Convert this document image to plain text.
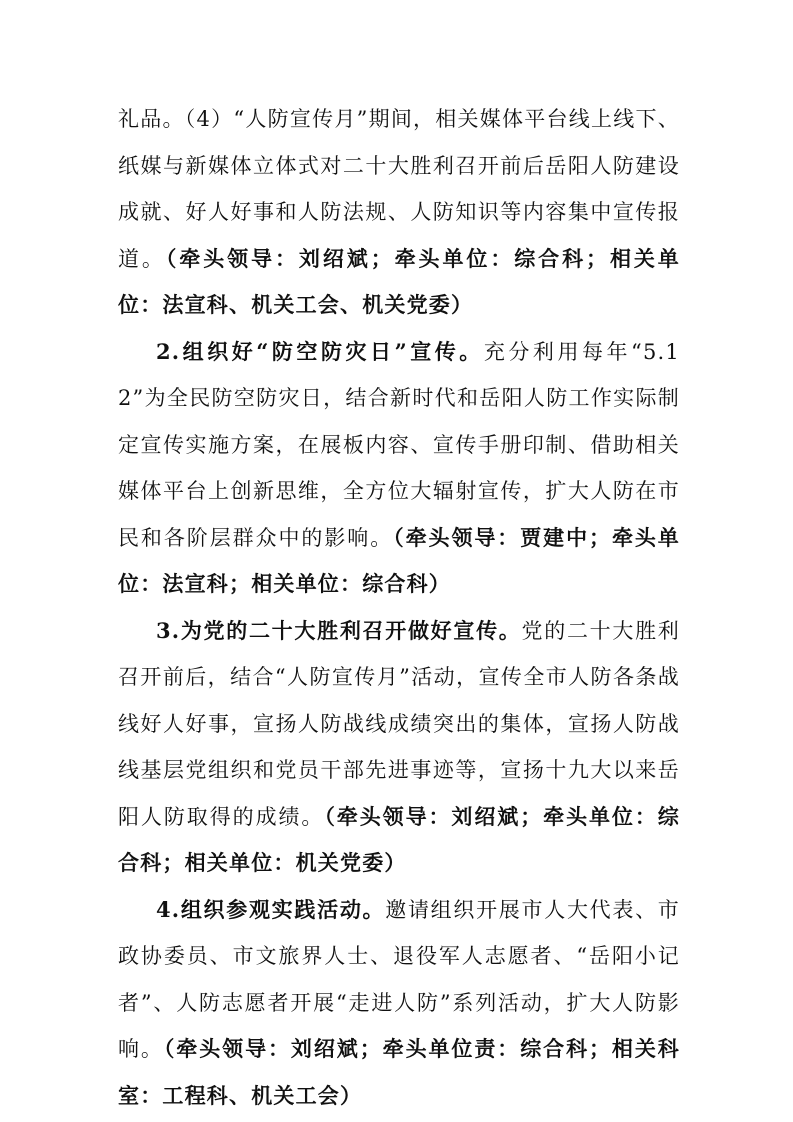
礼品。（4）“人防宣传月”期间，相关媒体平台线上线下、纸媒与新媒体立体式对二十大胜利召开前后岳阳人防建设成就、好人好事和人防法规、人防知识等内容集中宣传报道。（牵头领导：刘绍斌；牵头单位：综合科；相关单位：法宣科、机关工会、机关党委）

2.组织好“防空防灾日”宣传。充分利用每年“5.12”为全民防空防灾日，结合新时代和岳阳人防工作实际制定宣传实施方案，在展板内容、宣传手册印制、借助相关媒体平台上创新思维，全方位大辐射宣传，扩大人防在市民和各阶层群众中的影响。（牵头领导：贾建中；牵头单位：法宣科；相关单位：综合科）

3.为党的二十大胜利召开做好宣传。党的二十大胜利召开前后，结合“人防宣传月”活动，宣传全市人防各条战线好人好事，宣扬人防战线成绩突出的集体，宣扬人防战线基层党组织和党员干部先进事迹等，宣扬十九大以来岳阳人防取得的成绩。（牵头领导：刘绍斌；牵头单位：综合科；相关单位：机关党委）

4.组织参观实践活动。邀请组织开展市人大代表、市政协委员、市文旅界人士、退役军人志愿者、“岳阳小记者”、人防志愿者开展“走进人防”系列活动，扩大人防影响。（牵头领导：刘绍斌；牵头单位责：综合科；相关科室：工程科、机关工会）
